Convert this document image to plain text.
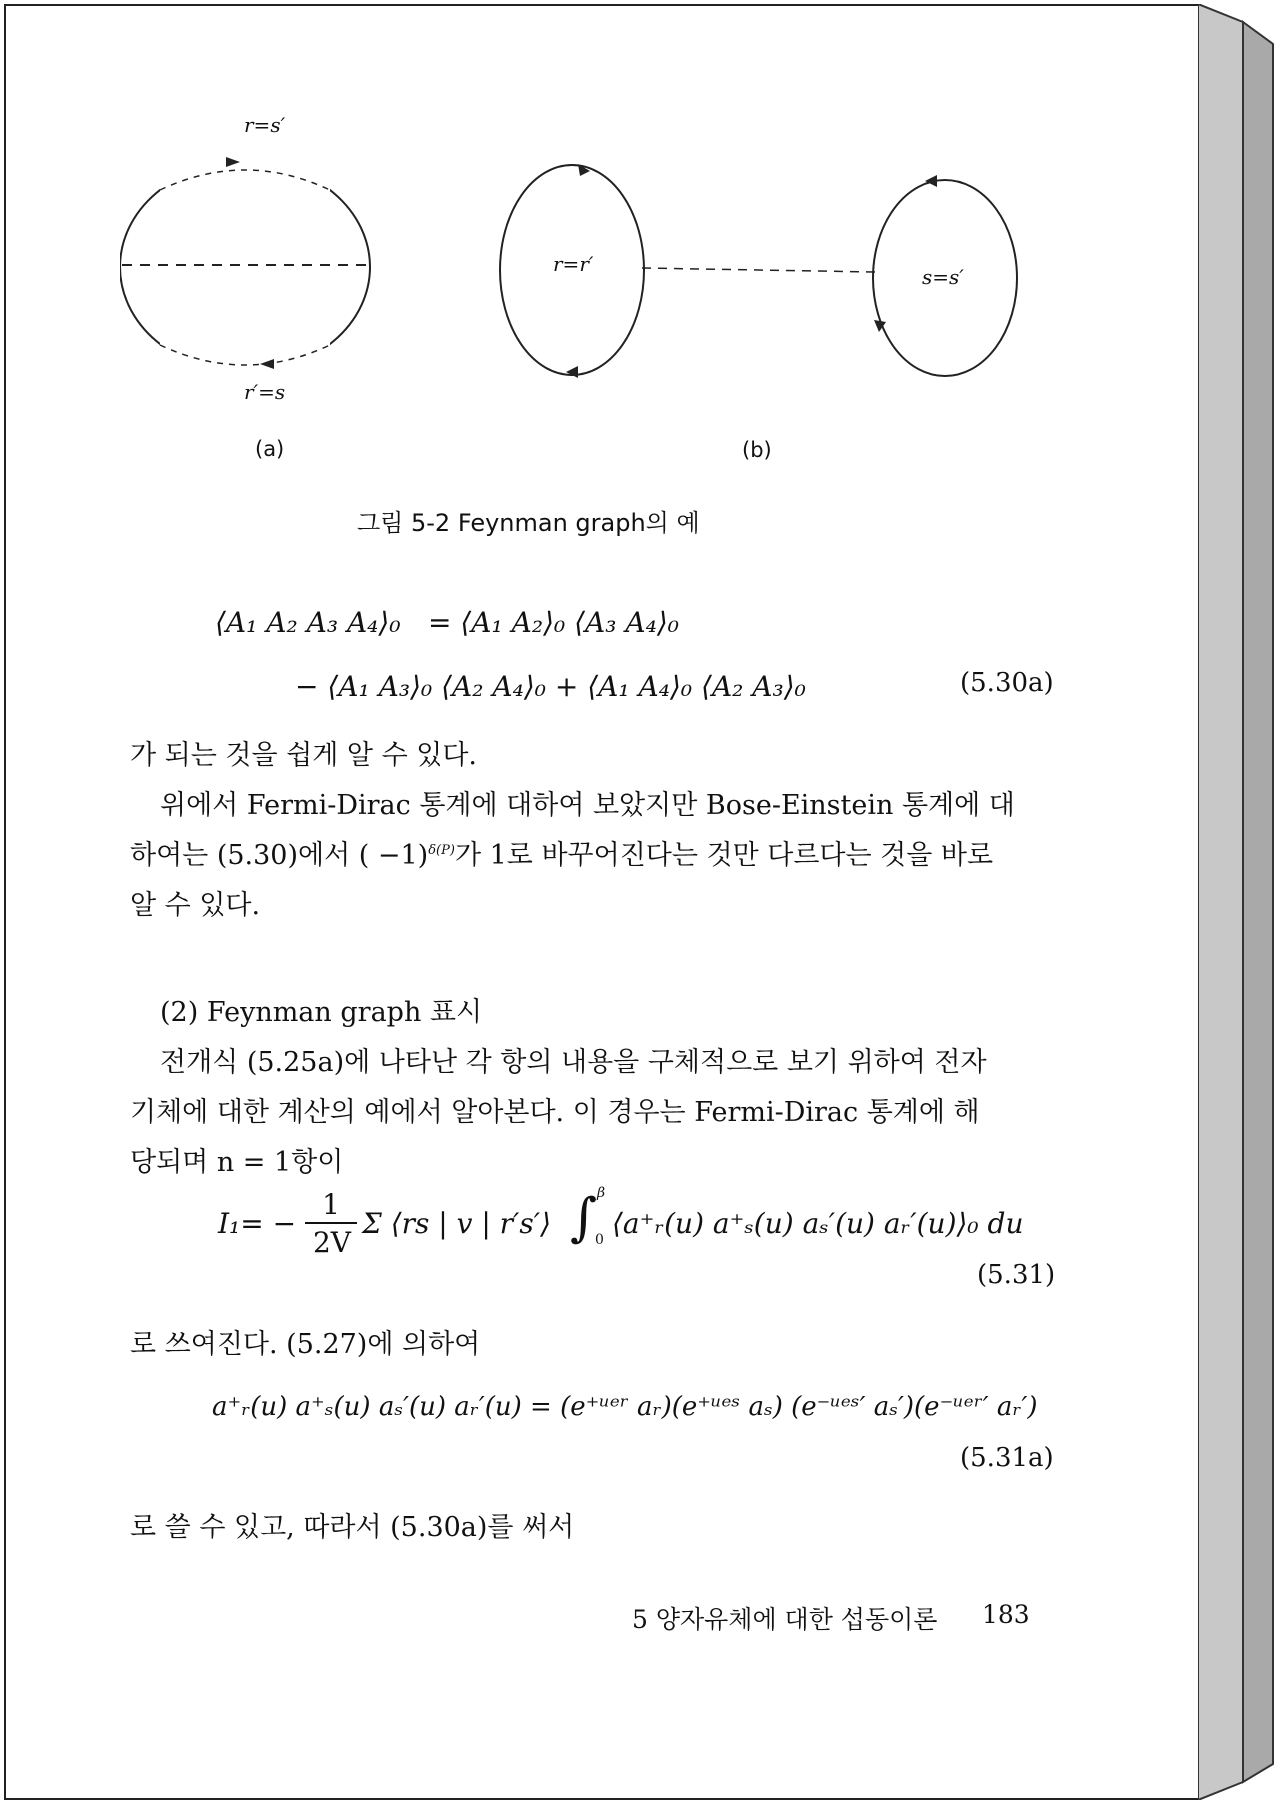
r=s′
r′=s
r=r′
s=s′
(a)	(b)
그림 5-2 Feynman graph의 예
⟨A₁ A₂ A₃ A₄⟩₀ = ⟨A₁ A₂⟩₀ ⟨A₃ A₄⟩₀
− ⟨A₁ A₃⟩₀ ⟨A₂ A₄⟩₀ + ⟨A₁ A₄⟩₀ ⟨A₂ A₃⟩₀	(5.30a)
가 되는 것을 쉽게 알 수 있다.
위에서 Fermi-Dirac 통계에 대하여 보았지만 Bose-Einstein 통계에 대
하여는 (5.30)에서 ( −1)$^{\delta(P)}$가 1로 바꾸어진다는 것만 다르다는 것을 바로
알 수 있다.
(2) Feynman graph 표시
전개식 (5.25a)에 나타난 각 항의 내용을 구체적으로 보기 위하여 전자
기체에 대한 계산의 예에서 알아본다. 이 경우는 Fermi-Dirac 통계에 해
당되며 n = 1항이
I₁= −
1
2V
Σ ⟨rs | v | r′s′⟩ ∫ β
0 ⟨a⁺ᵣ(u) a⁺ₛ(u) aₛ′(u) aᵣ′(u)⟩₀ du
(5.31)
로 쓰여진다. (5.27)에 의하여
a⁺ᵣ(u) a⁺ₛ(u) aₛ′(u) aᵣ′(u) = (e⁺ᵘᵉʳ aᵣ)(e⁺ᵘᵉˢ aₛ) (e⁻ᵘᵉˢ′ aₛ′)(e⁻ᵘᵉʳ′ aᵣ′)
(5.31a)
로 쓸 수 있고, 따라서 (5.30a)를 써서
5 양자유체에 대한 섭동이론 183
